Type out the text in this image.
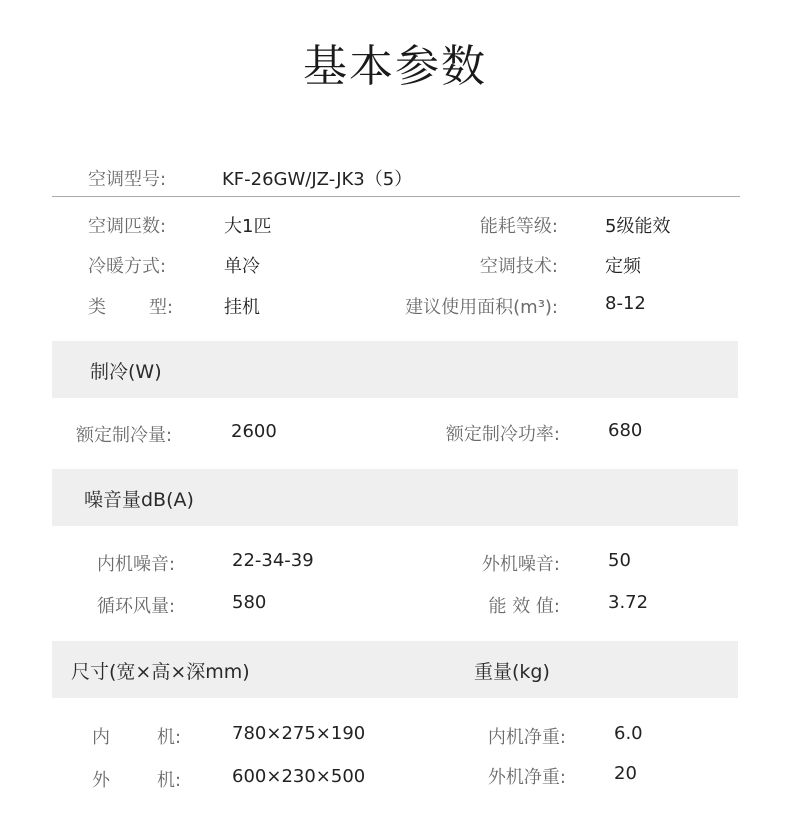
基本参数
空调型号:	KF-26GW/JZ-JK3（5）
空调匹数:	大1匹	能耗等级:	5级能效
冷暖方式:	单冷	空调技术:	定频
类 型:	挂机	建议使用面积(m³):	8-12
制冷(W)
额定制冷量:	2600	额定制冷功率:	680
噪音量dB(A)
内机噪音:	22-34-39	外机噪音:	50
循环风量:	580	能 效 值:	3.72
尺寸(宽×高×深mm)	重量(kg)
内	机:	780×275×190	内机净重:	6.0
外	机:	600×230×500	外机净重:	20
